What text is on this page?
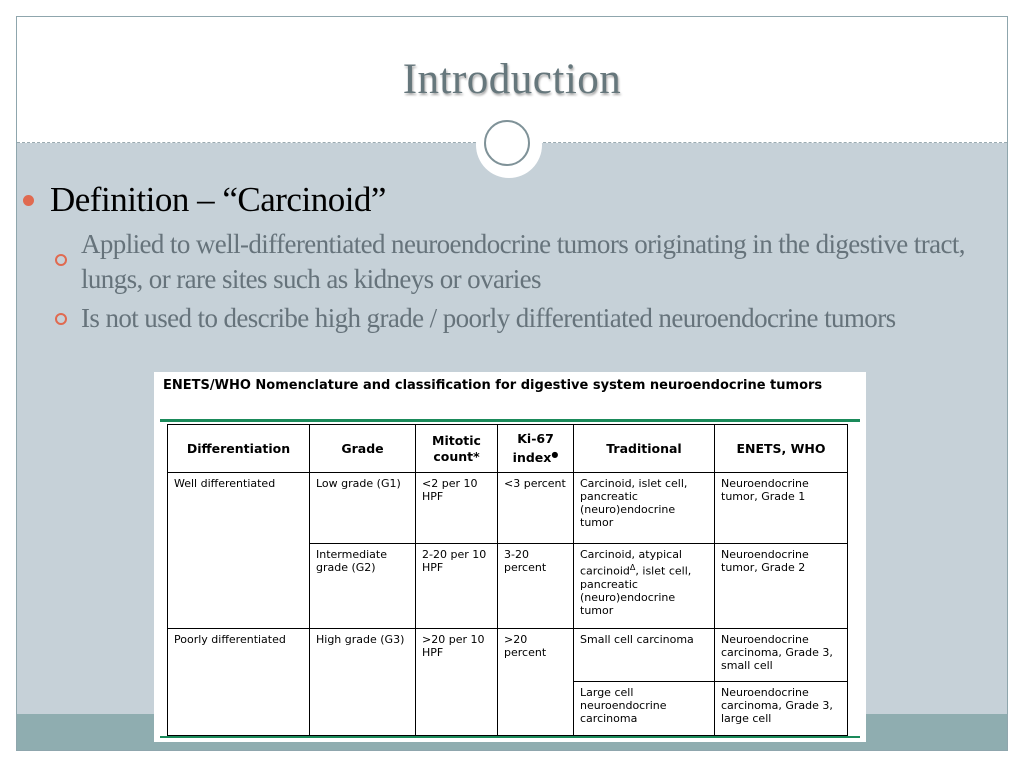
Introduction
Definition – “Carcinoid”
Applied to well-differentiated neuroendocrine tumors originating in the digestive tract, lungs, or rare sites such as kidneys or ovaries
Is not used to describe high grade / poorly differentiated neuroendocrine tumors
ENETS/WHO Nomenclature and classification for digestive system neuroendocrine tumors
Differentiation	Grade	Mitotic count*	Ki-67 index●	Traditional	ENETS, WHO
Well differentiated	Low grade (G1)	<2 per 10 HPF	<3 percent	Carcinoid, islet cell, pancreatic (neuro)endocrine tumor	Neuroendocrine tumor, Grade 1
	Intermediate grade (G2)	2-20 per 10 HPF	3-20 percent	Carcinoid, atypical carcinoid$^\Delta$, islet cell, pancreatic (neuro)endocrine tumor	Neuroendocrine tumor, Grade 2
Poorly differentiated	High grade (G3)	>20 per 10 HPF	>20 percent	Small cell carcinoma	Neuroendocrine carcinoma, Grade 3, small cell
				Large cell neuroendocrine carcinoma	Neuroendocrine carcinoma, Grade 3, large cell
